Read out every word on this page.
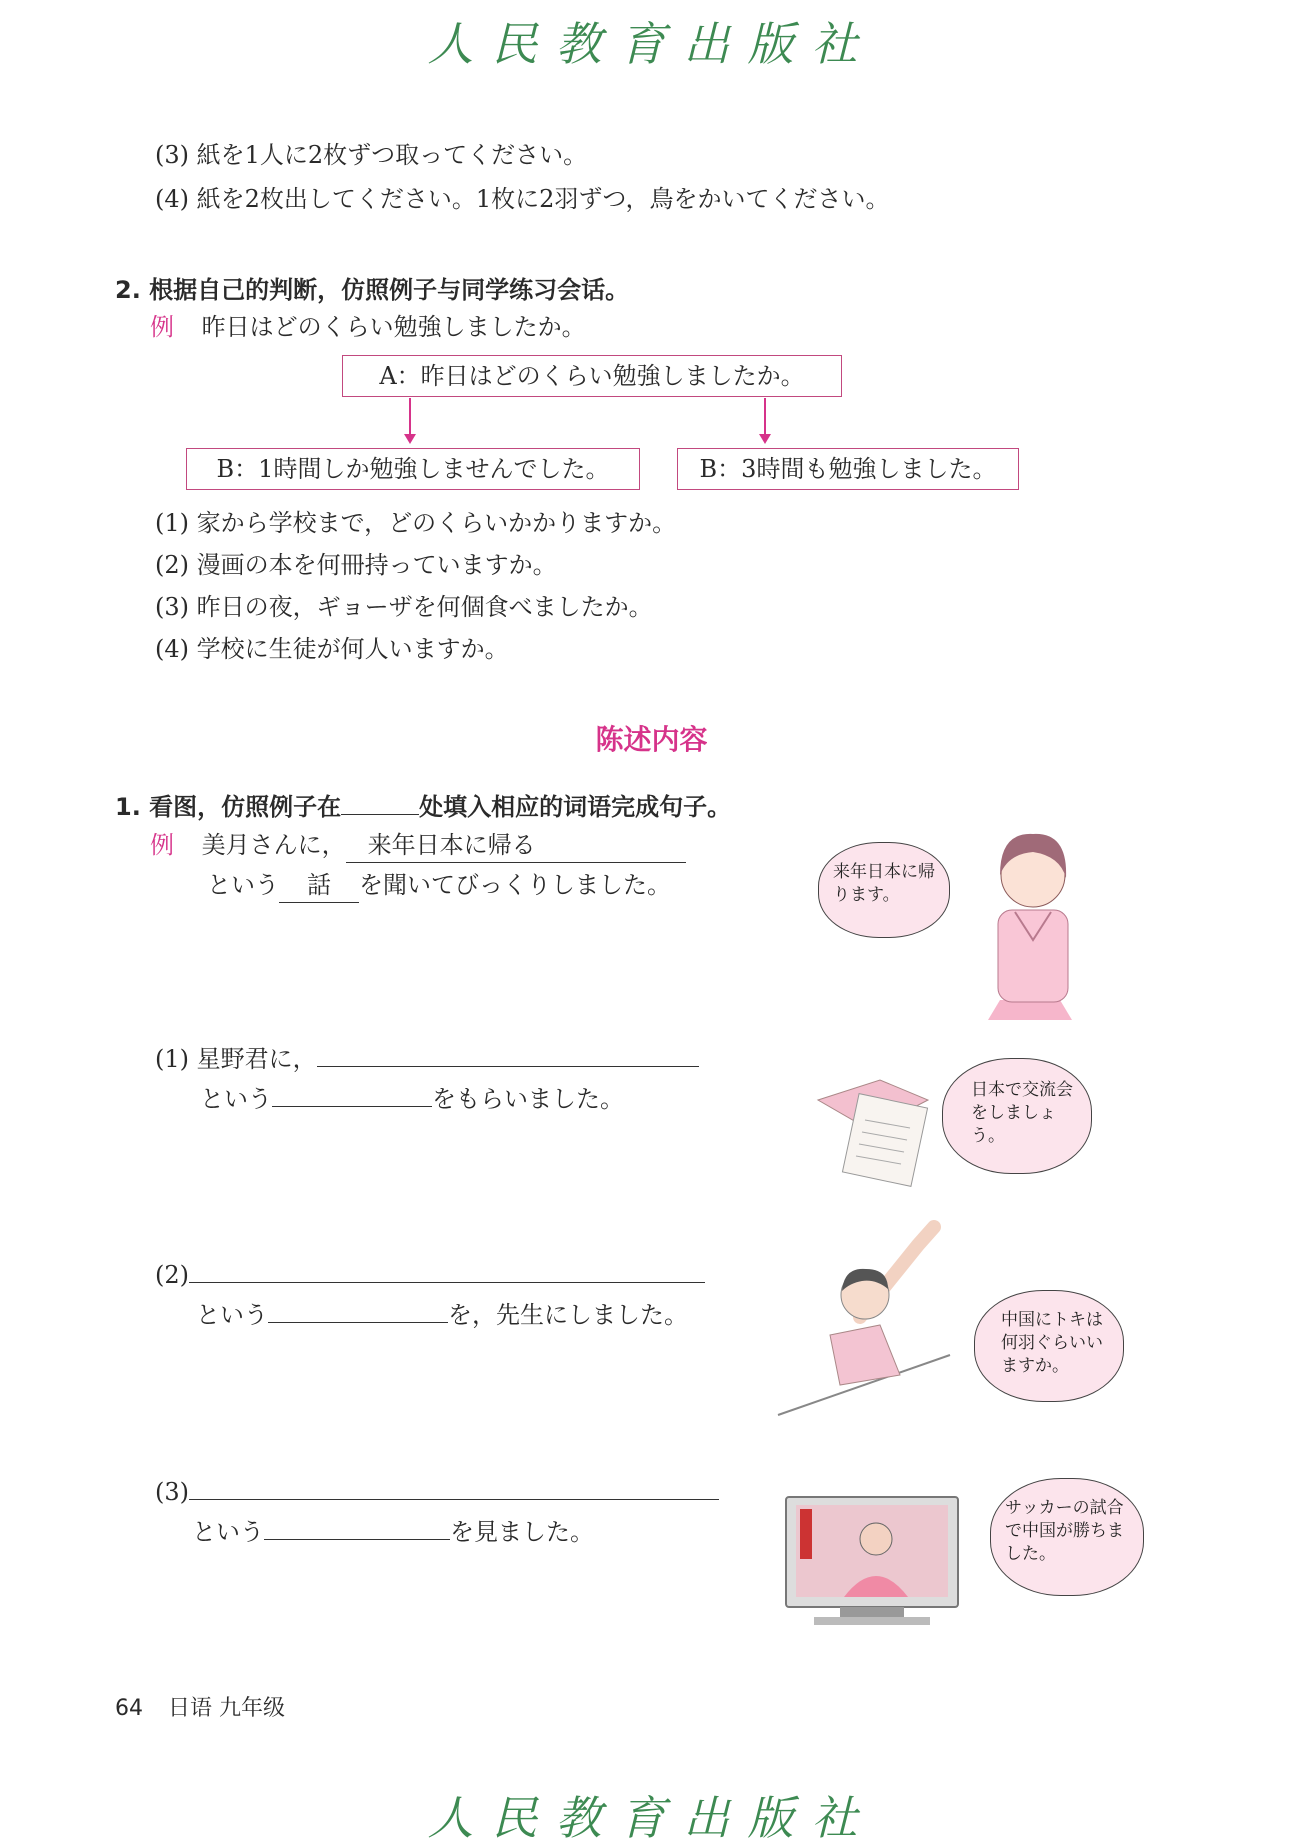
人民教育出版社
(3) 紙を1人に2枚ずつ取ってください。
(4) 紙を2枚出してください。1枚に2羽ずつ，鳥をかいてください。
2. 根据自己的判断，仿照例子与同学练习会话。
例 昨日はどのくらい勉強しましたか。
A：昨日はどのくらい勉強しましたか。
B：1時間しか勉強しませんでした。	B：3時間も勉強しました。
(1) 家から学校まで，どのくらいかかりますか。
(2) 漫画の本を何冊持っていますか。
(3) 昨日の夜，ギョーザを何個食べましたか。
(4) 学校に生徒が何人いますか。
陈述内容
1. 看图，仿照例子在	处填入相应的词语完成句子。
例 美月さんに， 来年日本に帰る
という 話 を聞いてびっくりしました。	来年日本に帰ります。
(1) 星野君に，
という	をもらいました。	日本で交流会をしましょう。
(2)
という	を，先生にしました。	中国にトキは何羽ぐらいいますか。
(3)
という	を見ました。
サッカーの試合で中国が勝ちました。
64 日语 九年级
人民教育出版社
